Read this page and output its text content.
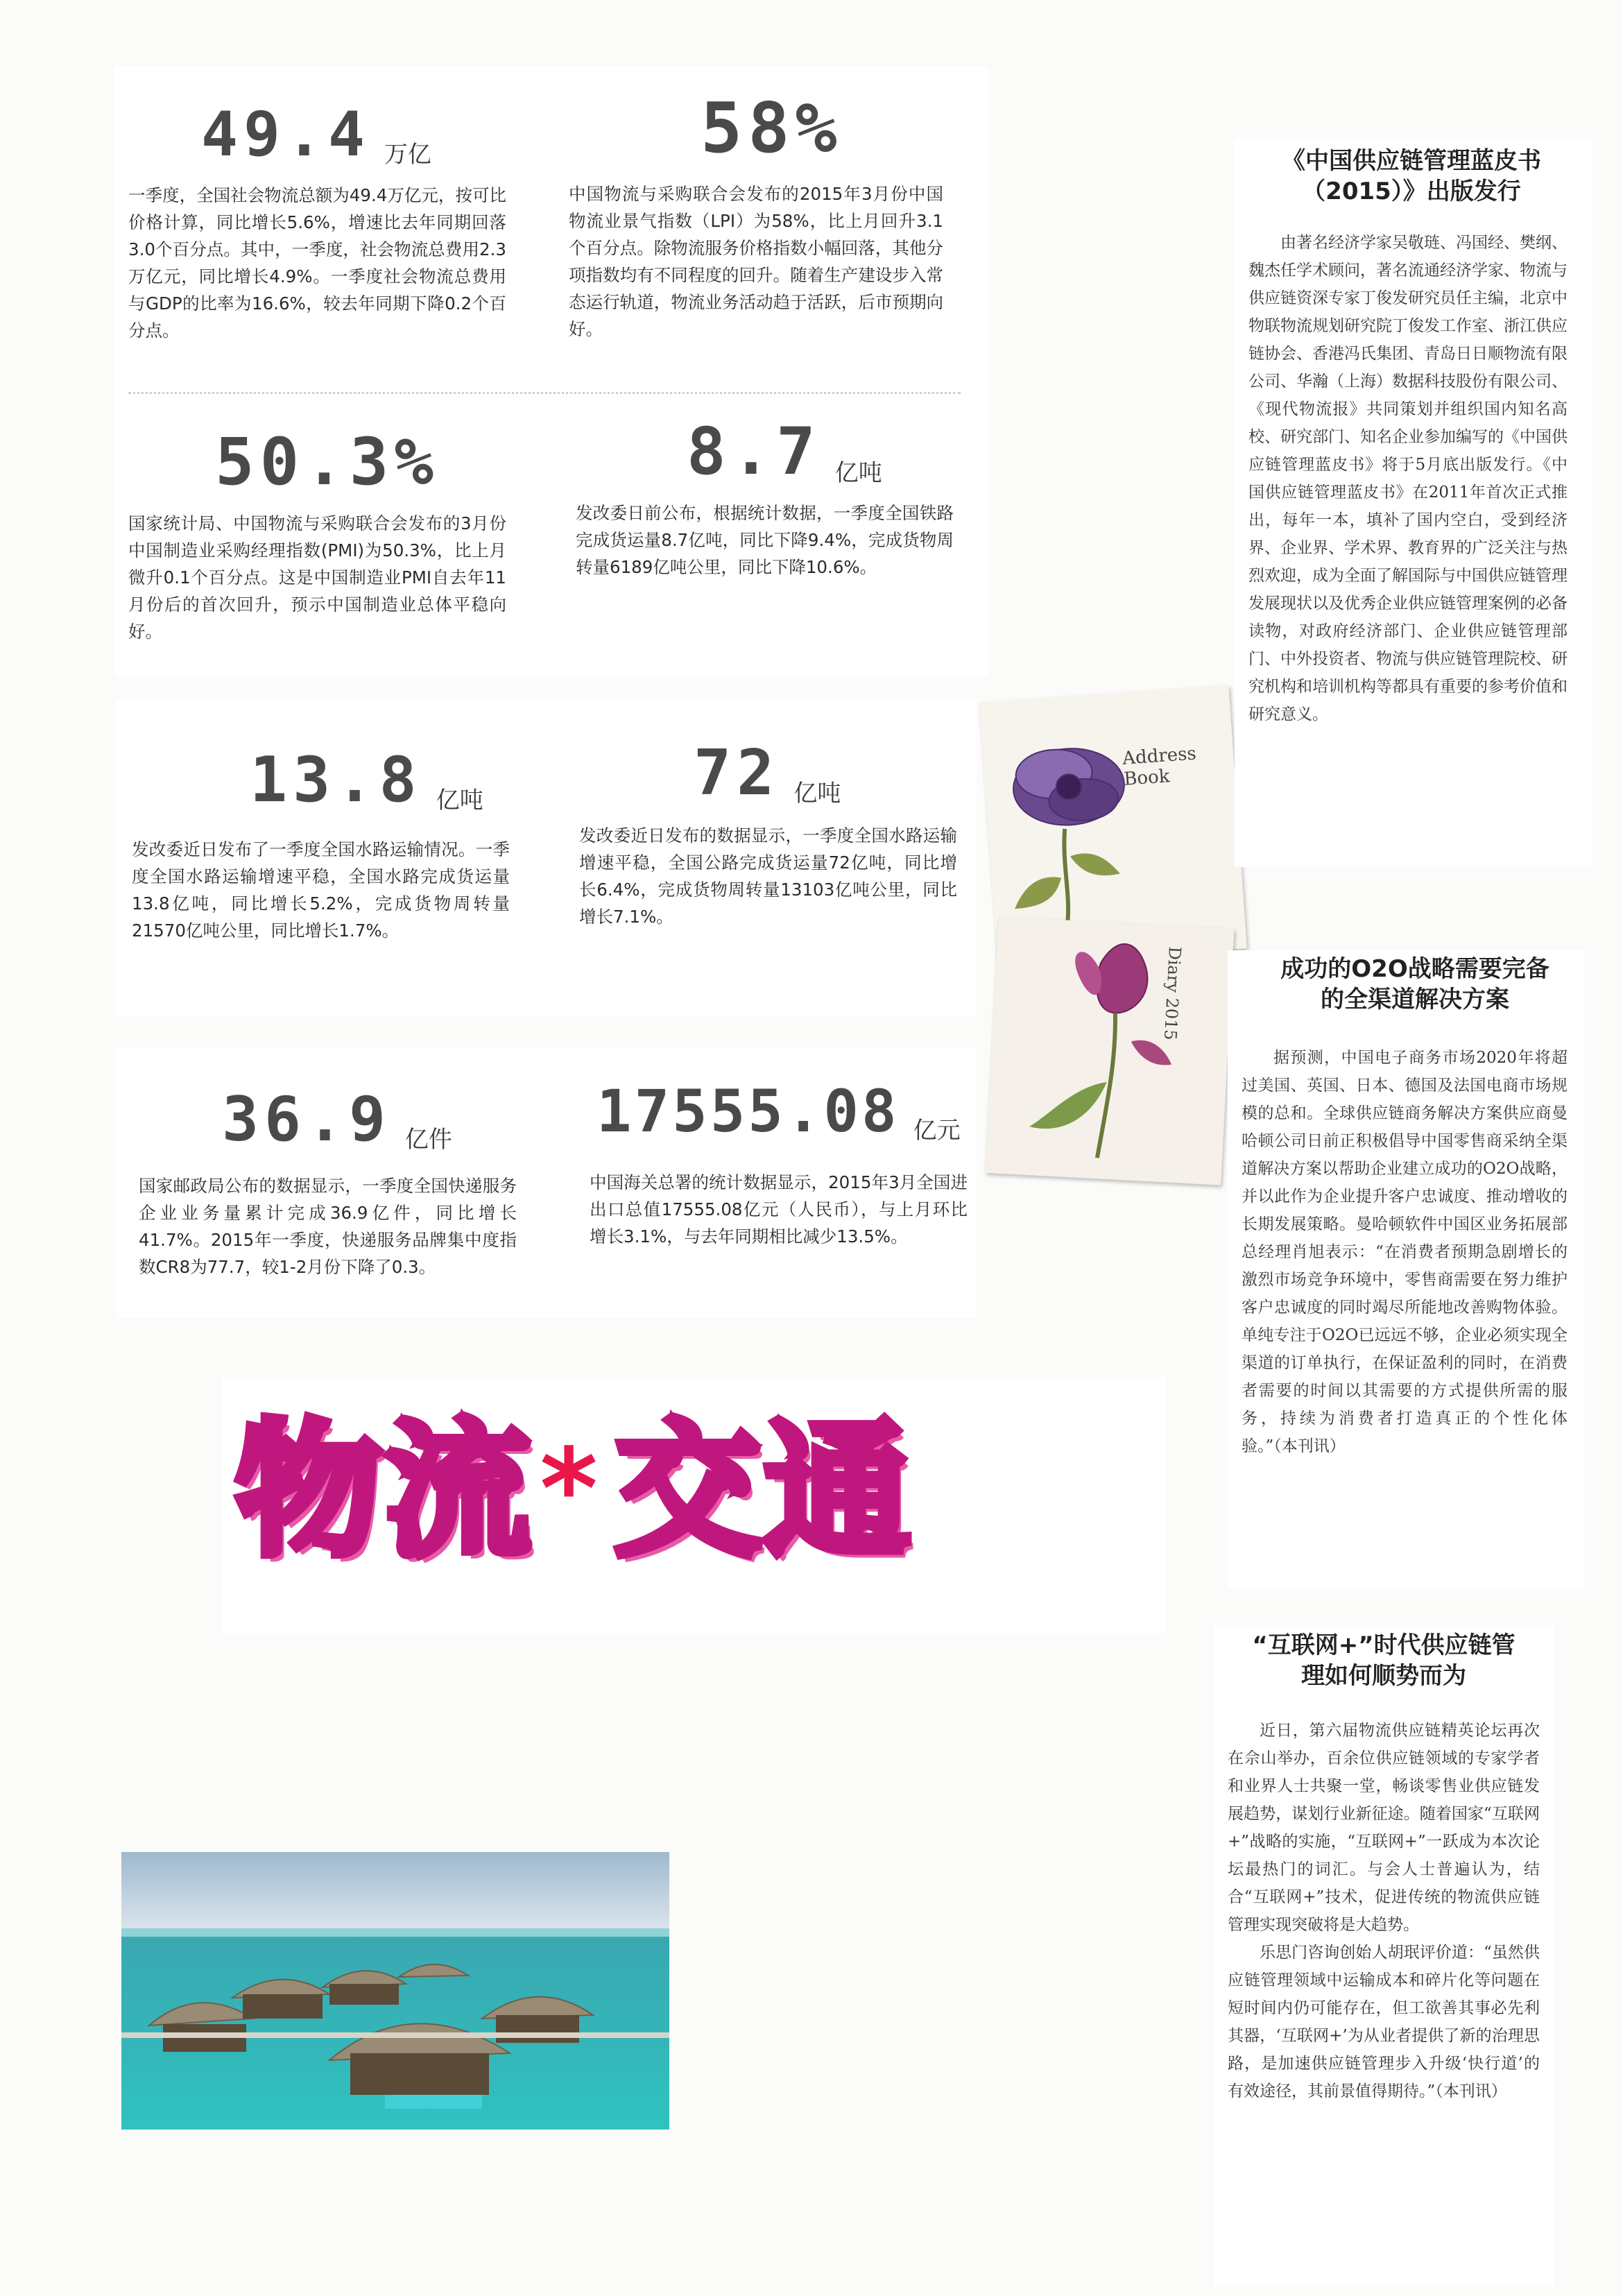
49.4 万亿

一季度，全国社会物流总额为49.4万亿元，按可比价格计算，同比增长5.6%，增速比去年同期回落3.0个百分点。其中，一季度，社会物流总费用2.3万亿元，同比增长4.9%。一季度社会物流总费用与GDP的比率为16.6%，较去年同期下降0.2个百分点。

58%

中国物流与采购联合会发布的2015年3月份中国物流业景气指数（LPI）为58%，比上月回升3.1个百分点。除物流服务价格指数小幅回落，其他分项指数均有不同程度的回升。随着生产建设步入常态运行轨道，物流业务活动趋于活跃，后市预期向好。

50.3%

国家统计局、中国物流与采购联合会发布的3月份中国制造业采购经理指数(PMI)为50.3%，比上月微升0.1个百分点。这是中国制造业PMI自去年11月份后的首次回升，预示中国制造业总体平稳向好。

8.7 亿吨

发改委日前公布，根据统计数据，一季度全国铁路完成货运量8.7亿吨，同比下降9.4%，完成货物周转量6189亿吨公里，同比下降10.6%。

13.8 亿吨

发改委近日发布了一季度全国水路运输情况。一季度全国水路运输增速平稳，全国水路完成货运量13.8亿吨，同比增长5.2%，完成货物周转量21570亿吨公里，同比增长1.7%。

72 亿吨

发改委近日发布的数据显示，一季度全国水路运输增速平稳，全国公路完成货运量72亿吨，同比增长6.4%，完成货物周转量13103亿吨公里，同比增长7.1%。

36.9 亿件

国家邮政局公布的数据显示，一季度全国快递服务企业业务量累计完成36.9亿件，同比增长41.7%。2015年一季度，快递服务品牌集中度指数CR8为77.7，较1-2月份下降了0.3。

17555.08 亿元

中国海关总署的统计数据显示，2015年3月全国进出口总值17555.08亿元（人民币），与上月环比增长3.1%，与去年同期相比减少13.5%。

Address Book
Diary 2015
物 流 * 交 通
《中国供应链管理蓝皮书（2015）》出版发行

由著名经济学家吴敬琏、冯国经、樊纲、魏杰任学术顾问，著名流通经济学家、物流与供应链资深专家丁俊发研究员任主编，北京中物联物流规划研究院丁俊发工作室、浙江供应链协会、香港冯氏集团、青岛日日顺物流有限公司、华瀚（上海）数据科技股份有限公司、《现代物流报》共同策划并组织国内知名高校、研究部门、知名企业参加编写的《中国供应链管理蓝皮书》将于5月底出版发行。《中国供应链管理蓝皮书》在2011年首次正式推出，每年一本，填补了国内空白，受到经济界、企业界、学术界、教育界的广泛关注与热烈欢迎，成为全面了解国际与中国供应链管理发展现状以及优秀企业供应链管理案例的必备读物，对政府经济部门、企业供应链管理部门、中外投资者、物流与供应链管理院校、研究机构和培训机构等都具有重要的参考价值和研究意义。

成功的O2O战略需要完备的全渠道解决方案

据预测，中国电子商务市场2020年将超过美国、英国、日本、德国及法国电商市场规模的总和。全球供应链商务解决方案供应商曼哈顿公司日前正积极倡导中国零售商采纳全渠道解决方案以帮助企业建立成功的O2O战略，并以此作为企业提升客户忠诚度、推动增收的长期发展策略。曼哈顿软件中国区业务拓展部总经理肖旭表示：“在消费者预期急剧增长的激烈市场竞争环境中，零售商需要在努力维护客户忠诚度的同时竭尽所能地改善购物体验。单纯专注于O2O已远远不够，企业必须实现全渠道的订单执行，在保证盈利的同时，在消费者需要的时间以其需要的方式提供所需的服务，持续为消费者打造真正的个性化体验。”（本刊讯）

“互联网+”时代供应链管理如何顺势而为

近日，第六届物流供应链精英论坛再次在佘山举办，百余位供应链领域的专家学者和业界人士共聚一堂，畅谈零售业供应链发展趋势，谋划行业新征途。随着国家“互联网+”战略的实施，“互联网+”一跃成为本次论坛最热门的词汇。与会人士普遍认为，结合“互联网+”技术，促进传统的物流供应链管理实现突破将是大趋势。

乐思门咨询创始人胡珉评价道：“虽然供应链管理领域中运输成本和碎片化等问题在短时间内仍可能存在，但工欲善其事必先利其器，‘互联网+’为从业者提供了新的治理思路，是加速供应链管理步入升级‘快行道’的有效途径，其前景值得期待。”（本刊讯）
